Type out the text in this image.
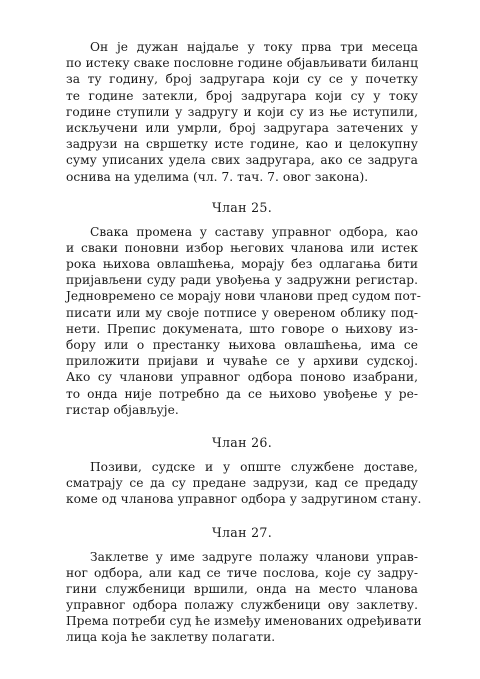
Он је дужан најдаље у току прва три месеца
по истеку сваке пословне године објављивати биланц
за ту годину, број задругара који су се у почетку
те године затекли, број задругара који су у току
године ступили у задругу и који су из ње иступили,
искључени или умрли, број задругара затечених у
задрузи на свршетку исте године, као и целокупну
суму уписаних удела свих задругара, ако се задруга
оснива на уделима (чл. 7. тач. 7. овог закона).
Члан 25.
Свака промена у саставу управног одбора, као
и сваки поновни избор његових чланова или истек
рока њихова овлашћења, морају без одлагања бити
пријављени суду ради увођења у задружни регистар.
Једновремено се морају нови чланови пред судом пот-
писати или му своје потписе у овереном облику под-
нети. Препис докумената, што говоре о њихову из-
бору или о престанку њихова овлашћења, има се
приложити пријави и чуваће се у архиви судској.
Ако су чланови управног одбора поново изабрани,
то онда није потребно да се њихово увођење у ре-
гистар објављује.
Члан 26.
Позиви, судске и у опште службене доставе,
сматрају се да су предане задрузи, кад се предаду
коме од чланова управног одбора у задругином стану.
Члан 27.
Заклетве у име задруге полажу чланови управ-
ног одбора, али кад се тиче послова, које су задру-
гини службеници вршили, онда на место чланова
управног одбора полажу службеници ову заклетву.
Према потреби суд ће између именованих одређивати
лица која ће заклетву полагати.
